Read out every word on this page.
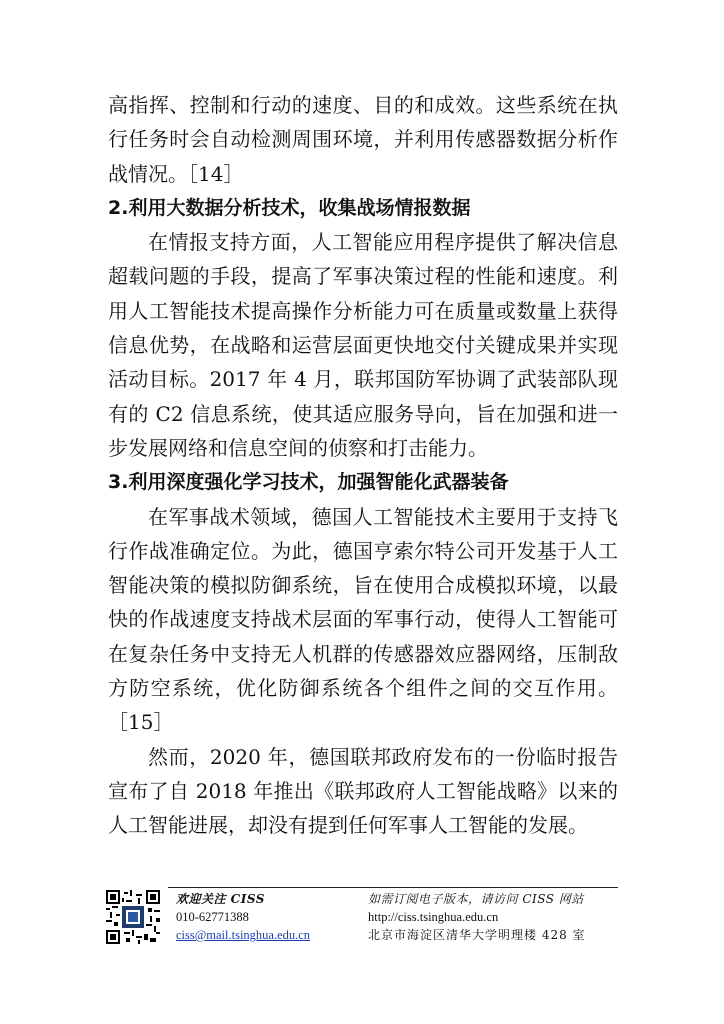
高指挥、控制和行动的速度、目的和成效。这些系统在执行任务时会自动检测周围环境，并利用传感器数据分析作战情况。［14］

2.利用大数据分析技术，收集战场情报数据

在情报支持方面，人工智能应用程序提供了解决信息超载问题的手段，提高了军事决策过程的性能和速度。利用人工智能技术提高操作分析能力可在质量或数量上获得信息优势，在战略和运营层面更快地交付关键成果并实现活动目标。2017 年 4 月，联邦国防军协调了武装部队现有的 C2 信息系统，使其适应服务导向，旨在加强和进一步发展网络和信息空间的侦察和打击能力。

3.利用深度强化学习技术，加强智能化武器装备

在军事战术领域，德国人工智能技术主要用于支持飞行作战准确定位。为此，德国亨索尔特公司开发基于人工智能决策的模拟防御系统，旨在使用合成模拟环境，以最快的作战速度支持战术层面的军事行动，使得人工智能可在复杂任务中支持无人机群的传感器效应器网络，压制敌方防空系统，优化防御系统各个组件之间的交互作用。［15］

然而，2020 年，德国联邦政府发布的一份临时报告宣布了自 2018 年推出《联邦政府人工智能战略》以来的人工智能进展，却没有提到任何军事人工智能的发展。

欢迎关注 CISS
010-62771388
ciss@mail.tsinghua.edu.cn
如需订阅电子版本，请访问 CISS 网站
http://ciss.tsinghua.edu.cn
北京市海淀区清华大学明理楼 428 室
